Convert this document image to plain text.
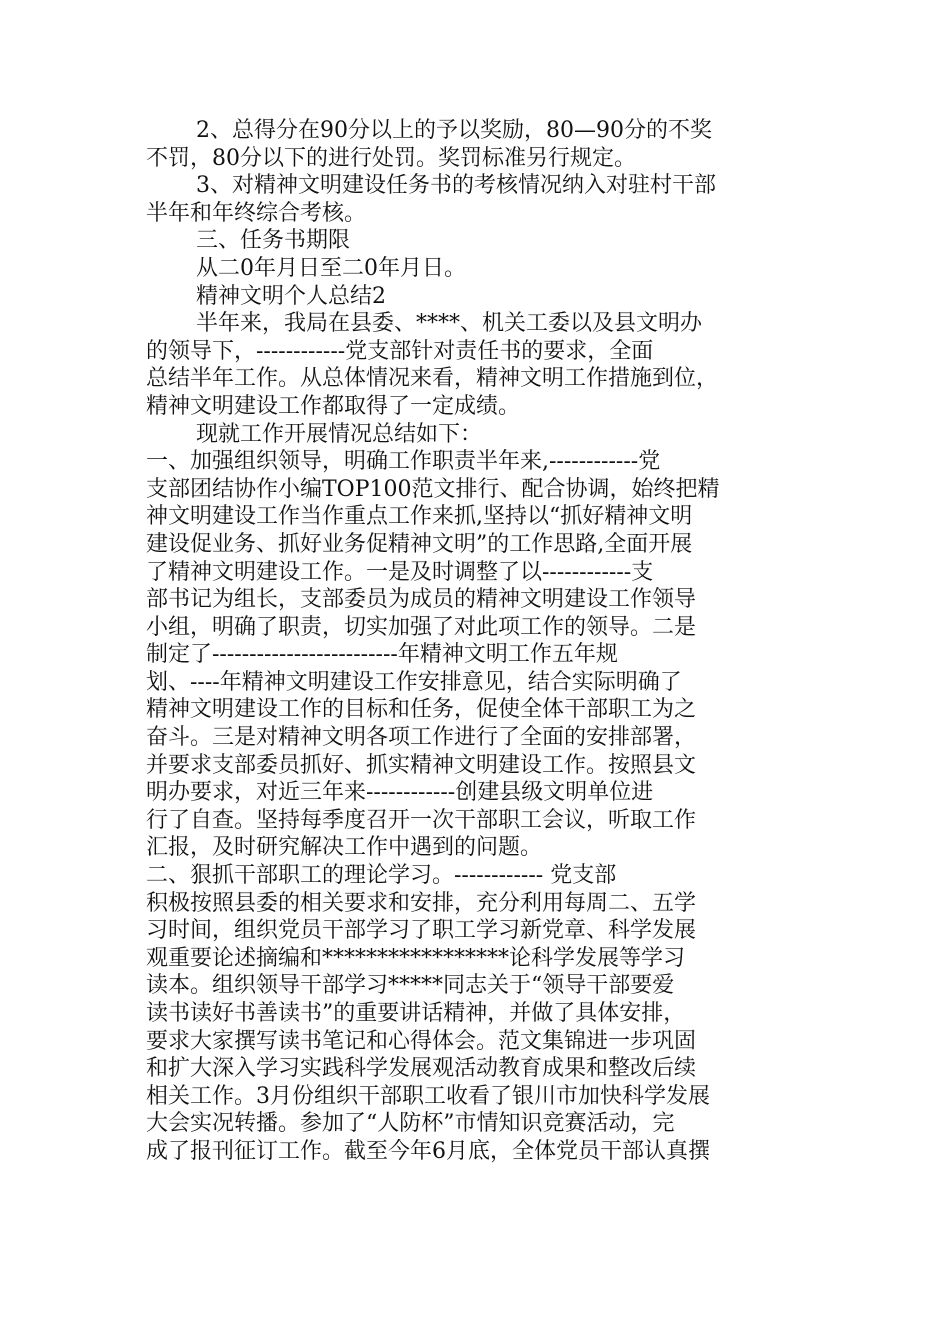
2、总得分在90分以上的予以奖励，80—90分的不奖
不罚，80分以下的进行处罚。奖罚标准另行规定。
3、对精神文明建设任务书的考核情况纳入对驻村干部
半年和年终综合考核。
三、任务书期限
从二0年月日至二0年月日。
精神文明个人总结2
半年来，我局在县委、****、机关工委以及县文明办
的领导下，------------党支部针对责任书的要求，全面
总结半年工作。从总体情况来看，精神文明工作措施到位，
精神文明建设工作都取得了一定成绩。
现就工作开展情况总结如下：
一、加强组织领导，明确工作职责半年来,------------党
支部团结协作小编TOP100范文排行、配合协调，始终把精
神文明建设工作当作重点工作来抓,坚持以“抓好精神文明
建设促业务、抓好业务促精神文明”的工作思路,全面开展
了精神文明建设工作。一是及时调整了以------------支
部书记为组长，支部委员为成员的精神文明建设工作领导
小组，明确了职责，切实加强了对此项工作的领导。二是
制定了-------------------------年精神文明工作五年规
划、----年精神文明建设工作安排意见，结合实际明确了
精神文明建设工作的目标和任务，促使全体干部职工为之
奋斗。三是对精神文明各项工作进行了全面的安排部署，
并要求支部委员抓好、抓实精神文明建设工作。按照县文
明办要求，对近三年来------------创建县级文明单位进
行了自查。坚持每季度召开一次干部职工会议，听取工作
汇报，及时研究解决工作中遇到的问题。
二、狠抓干部职工的理论学习。------------ 党支部
积极按照县委的相关要求和安排，充分利用每周二、五学
习时间，组织党员干部学习了职工学习新党章、科学发展
观重要论述摘编和*****************论科学发展等学习
读本。组织领导干部学习*****同志关于“领导干部要爱
读书读好书善读书”的重要讲话精神，并做了具体安排，
要求大家撰写读书笔记和心得体会。范文集锦进一步巩固
和扩大深入学习实践科学发展观活动教育成果和整改后续
相关工作。3月份组织干部职工收看了银川市加快科学发展
大会实况转播。参加了“人防杯”市情知识竞赛活动，完
成了报刊征订工作。截至今年6月底，全体党员干部认真撰
